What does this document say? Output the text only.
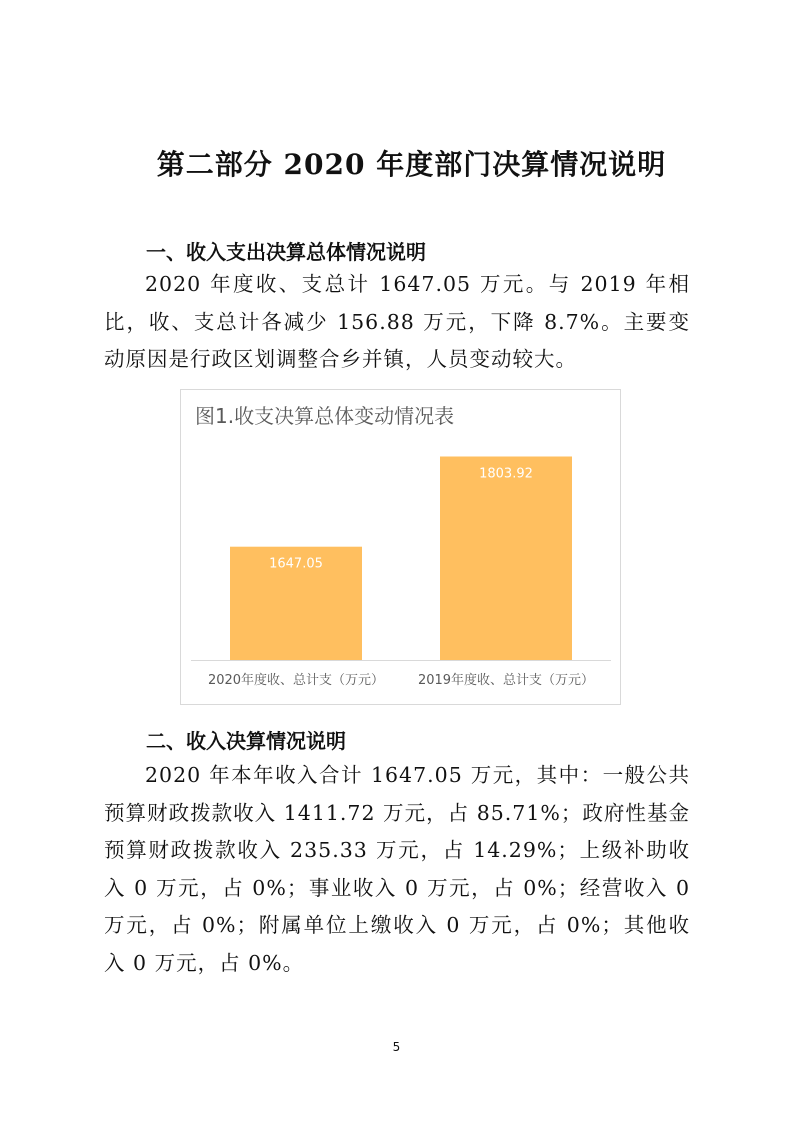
第二部分 2020 年度部门决算情况说明
一、收入支出决算总体情况说明

2020 年度收、支总计 1647.05 万元。与 2019 年相比，收、支总计各减少 156.88 万元，下降 8.7%。主要变动原因是行政区划调整合乡并镇，人员变动较大。

图1.收支决算总体变动情况表
1647.05
2020年度收、总计支（万元）
1803.92
2019年度收、总计支（万元）
二、收入决算情况说明

2020 年本年收入合计 1647.05 万元，其中：一般公共预算财政拨款收入 1411.72 万元，占 85.71%；政府性基金预算财政拨款收入 235.33 万元，占 14.29%；上级补助收入 0 万元，占 0%；事业收入 0 万元，占 0%；经营收入 0 万元，占 0%；附属单位上缴收入 0 万元，占 0%；其他收入 0 万元，占 0%。

5
